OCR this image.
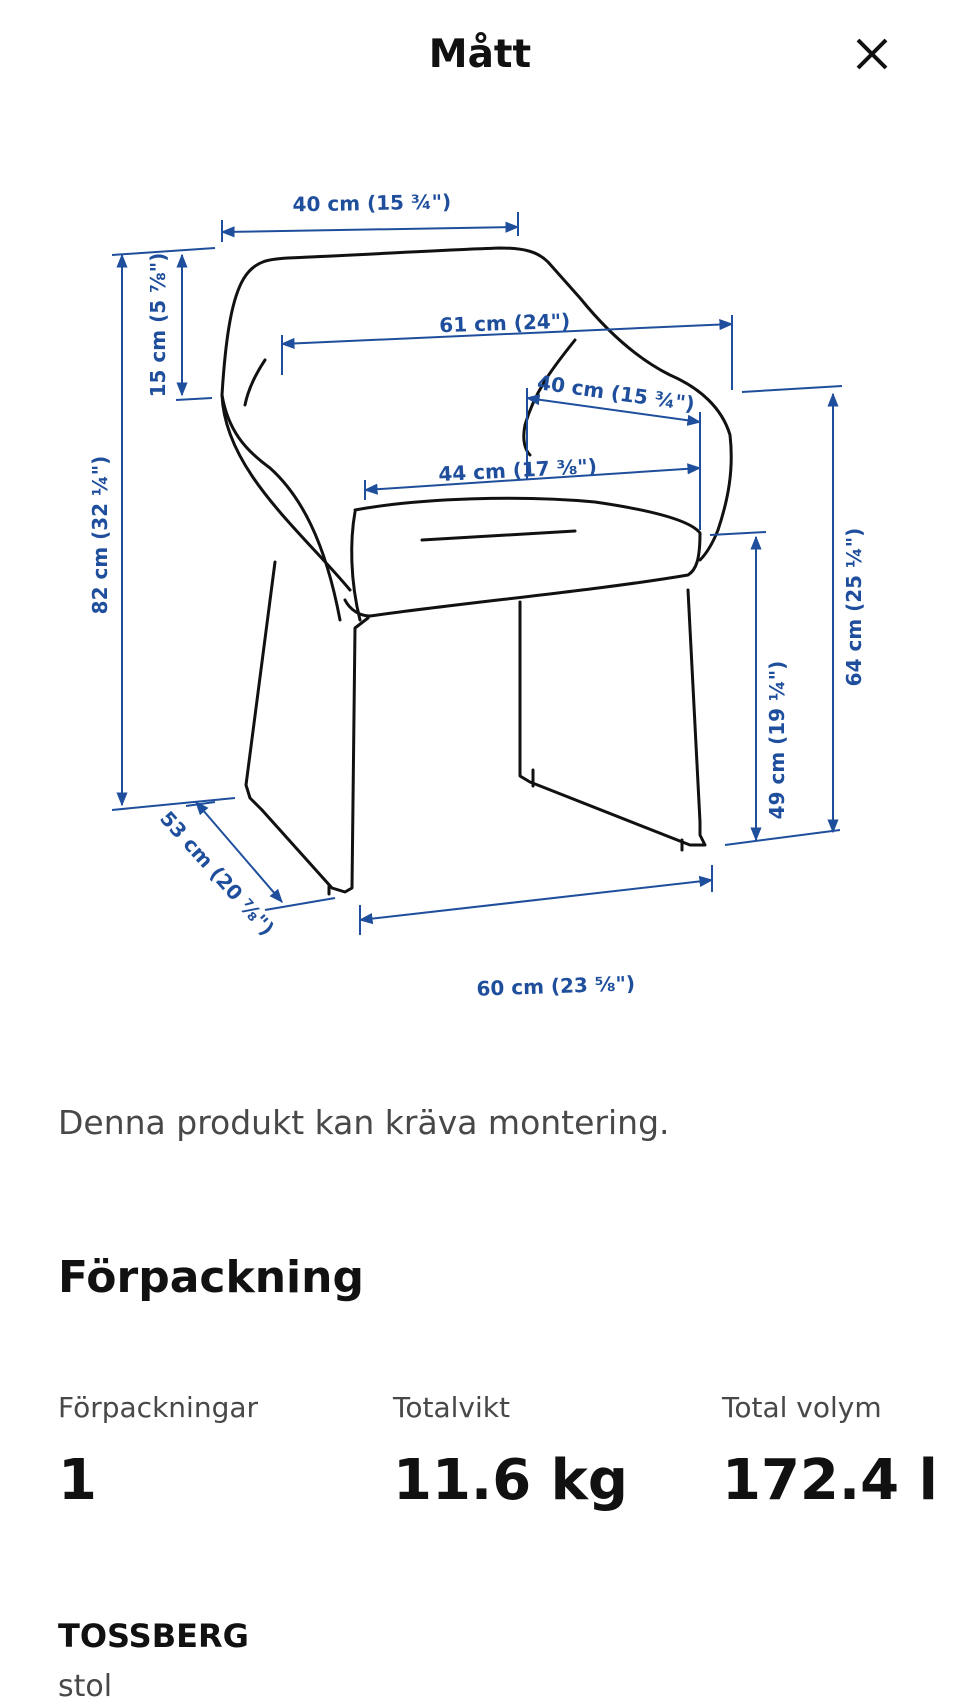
Mått
40 cm (15 ¾")
61 cm (24")
40 cm (15 ¾")
44 cm (17 ⅜")
15 cm (5 ⅞")
82 cm (32 ¼")	64 cm (25 ¼")
49 cm (19 ¼")
53 cm (20 ⅞")
60 cm (23 ⅝")
Denna produkt kan kräva montering.
Förpackning
Förpackningar
1
Totalvikt
11.6 kg
Total volym
172.4 l
TOSSBERG
stol
